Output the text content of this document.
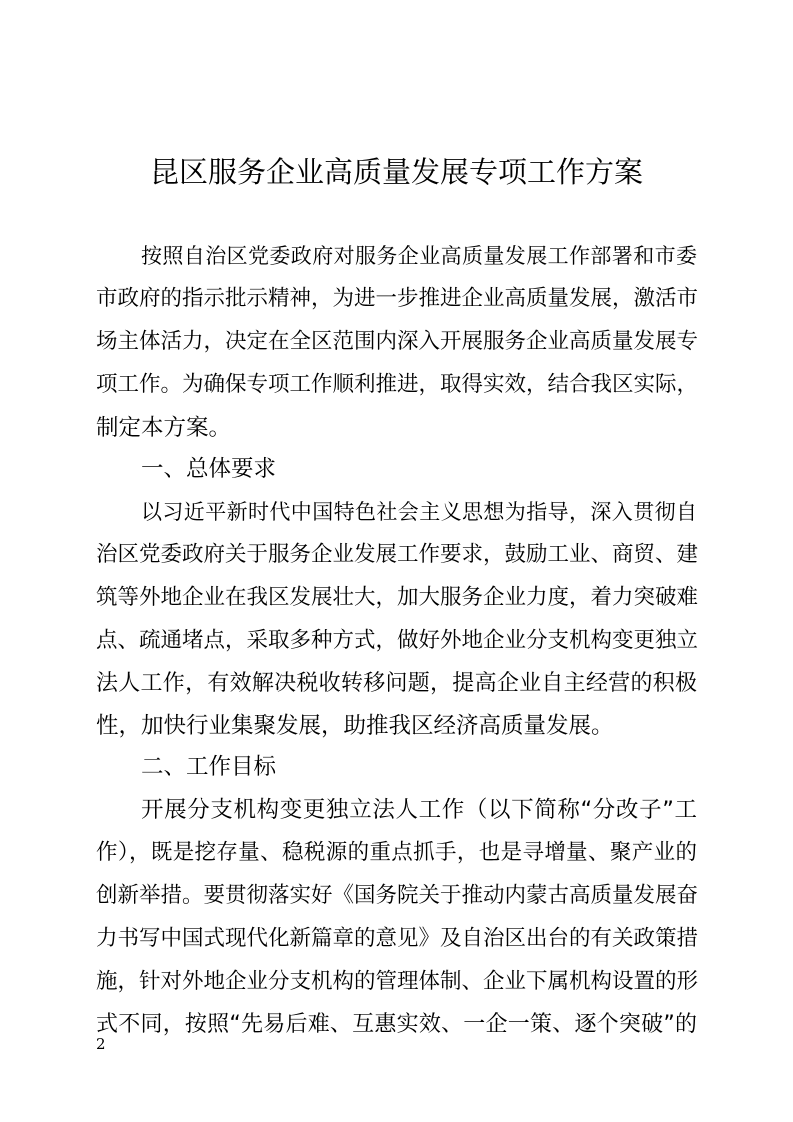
昆区服务企业高质量发展专项工作方案

按照自治区党委政府对服务企业高质量发展工作部署和市委

市政府的指示批示精神，为进一步推进企业高质量发展，激活市

场主体活力，决定在全区范围内深入开展服务企业高质量发展专

项工作。为确保专项工作顺利推进，取得实效，结合我区实际，

制定本方案。

一、总体要求

以习近平新时代中国特色社会主义思想为指导，深入贯彻自

治区党委政府关于服务企业发展工作要求，鼓励工业、商贸、建

筑等外地企业在我区发展壮大，加大服务企业力度，着力突破难

点、疏通堵点，采取多种方式，做好外地企业分支机构变更独立

法人工作，有效解决税收转移问题，提高企业自主经营的积极

性，加快行业集聚发展，助推我区经济高质量发展。

二、工作目标

开展分支机构变更独立法人工作（以下简称“分改子”工

作），既是挖存量、稳税源的重点抓手，也是寻增量、聚产业的

创新举措。要贯彻落实好《国务院关于推动内蒙古高质量发展奋

力书写中国式现代化新篇章的意见》及自治区出台的有关政策措

施，针对外地企业分支机构的管理体制、企业下属机构设置的形

式不同，按照“先易后难、互惠实效、一企一策、逐个突破”的

2
